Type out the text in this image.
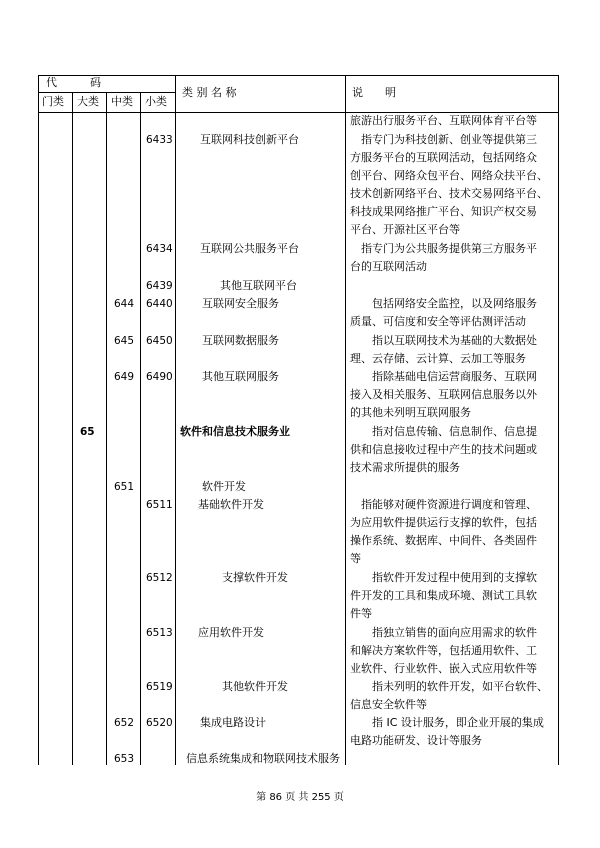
代　　　码
门类 大类 中类 小类
类 别 名 称	说　　明
旅游出行服务平台、互联网体育平台等
6433 互联网科技创新平台	　指专门为科技创新、创业等提供第三
方服务平台的互联网活动，包括网络众
创平台、网络众包平台、网络众扶平台、
技术创新网络平台、技术交易网络平台、
科技成果网络推广平台、知识产权交易
平台、开源社区平台等
6434 互联网公共服务平台	　指专门为公共服务提供第三方服务平
台的互联网活动
6439	其他互联网平台
644 6440	互联网安全服务	　　包括网络安全监控，以及网络服务
质量、可信度和安全等评估测评活动
645 6450	互联网数据服务	　　指以互联网技术为基础的大数据处
理、云存储、云计算、云加工等服务
649 6490	其他互联网服务	　　指除基础电信运营商服务、互联网
接入及相关服务、互联网信息服务以外
的其他未列明互联网服务
65	软件和信息技术服务业	　　指对信息传输、信息制作、信息提
供和信息接收过程中产生的技术问题或
技术需求所提供的服务
651	软件开发
6511 基础软件开发	　指能够对硬件资源进行调度和管理、
为应用软件提供运行支撑的软件，包括
操作系统、数据库、中间件、各类固件
等
6512	支撑软件开发	　　指软件开发过程中使用到的支撑软
件开发的工具和集成环境、测试工具软
件等
6513 应用软件开发	　　指独立销售的面向应用需求的软件
和解决方案软件等，包括通用软件、工
业软件、行业软件、嵌入式应用软件等
6519	其他软件开发	　　指未列明的软件开发，如平台软件、
信息安全软件等
652 6520 集成电路设计	　　指 IC 设计服务，即企业开展的集成
电路功能研发、设计等服务
653	信息系统集成和物联网技术服务
第 86 页 共 255 页
